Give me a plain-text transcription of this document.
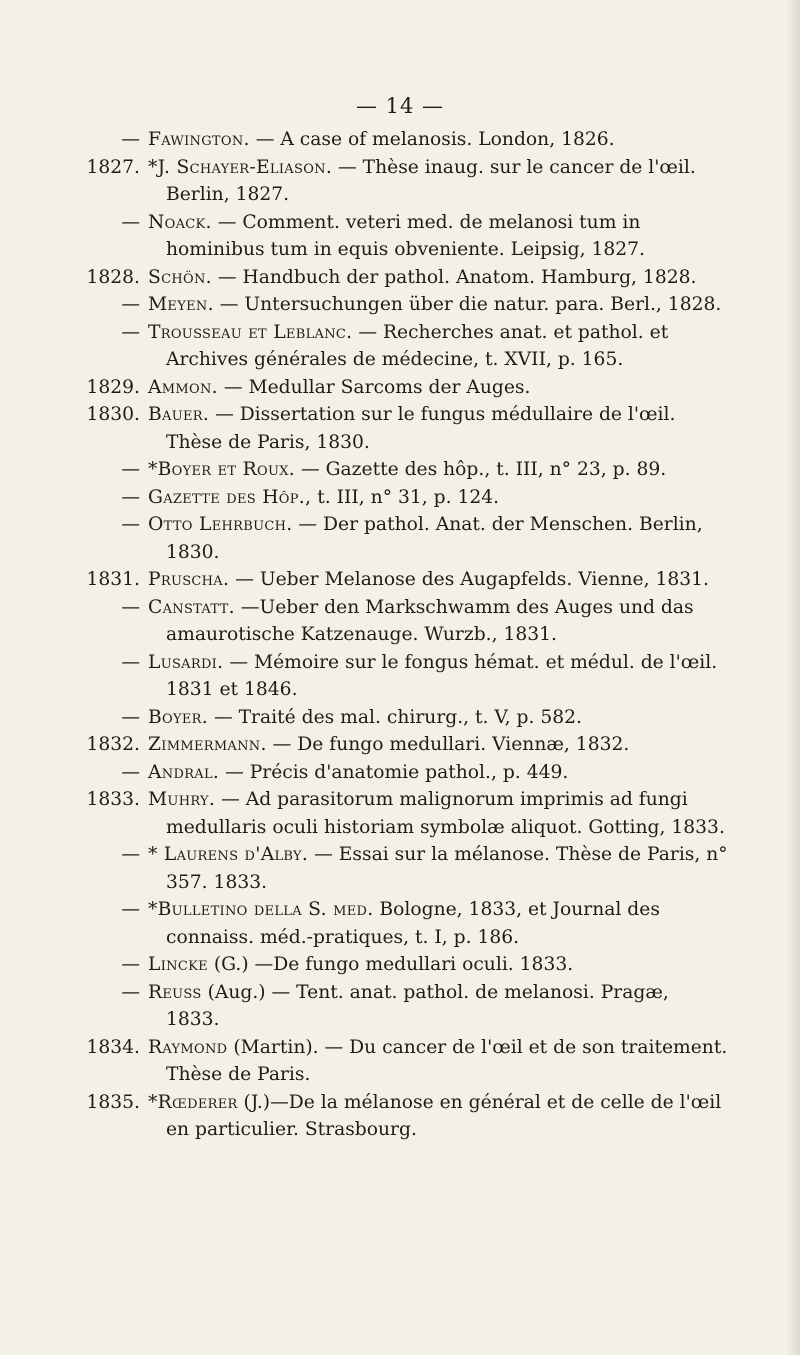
— 14 —

— Fawington. — A case of melanosis. London, 1826.

1827. *J. Schayer-Eliason. — Thèse inaug. sur le cancer de l'œil. Berlin, 1827.

— Noack. — Comment. veteri med. de melanosi tum in hominibus tum in equis obveniente. Leipsig, 1827.

1828. Schön. — Handbuch der pathol. Anatom. Hamburg, 1828.

— Meyen. — Untersuchungen über die natur. para. Berl., 1828.

— Trousseau et Leblanc. — Recherches anat. et pathol. et Archives générales de médecine, t. XVII, p. 165.

1829. Ammon. — Medullar Sarcoms der Auges.

1830. Bauer. — Dissertation sur le fungus médullaire de l'œil. Thèse de Paris, 1830.

— *Boyer et Roux. — Gazette des hôp., t. III, n° 23, p. 89.

— Gazette des Hôp., t. III, n° 31, p. 124.

— Otto Lehrbuch. — Der pathol. Anat. der Menschen. Berlin, 1830.

1831. Pruscha. — Ueber Melanose des Augapfelds. Vienne, 1831.

— Canstatt. —Ueber den Markschwamm des Auges und das amaurotische Katzenauge. Wurzb., 1831.

— Lusardi. — Mémoire sur le fongus hémat. et médul. de l'œil. 1831 et 1846.

— Boyer. — Traité des mal. chirurg., t. V, p. 582.

1832. Zimmermann. — De fungo medullari. Viennæ, 1832.

— Andral. — Précis d'anatomie pathol., p. 449.

1833. Muhry. — Ad parasitorum malignorum imprimis ad fungi medullaris oculi historiam symbolæ aliquot. Gotting, 1833.

— * Laurens d'Alby. — Essai sur la mélanose. Thèse de Paris, n° 357. 1833.

— *Bulletino della S. med. Bologne, 1833, et Journal des connaiss. méd.-pratiques, t. I, p. 186.

— Lincke (G.) —De fungo medullari oculi. 1833.

— Reuss (Aug.) — Tent. anat. pathol. de melanosi. Pragæ, 1833.

1834. Raymond (Martin). — Du cancer de l'œil et de son traitement. Thèse de Paris.

1835. *Rœderer (J.)—De la mélanose en général et de celle de l'œil en particulier. Strasbourg.
